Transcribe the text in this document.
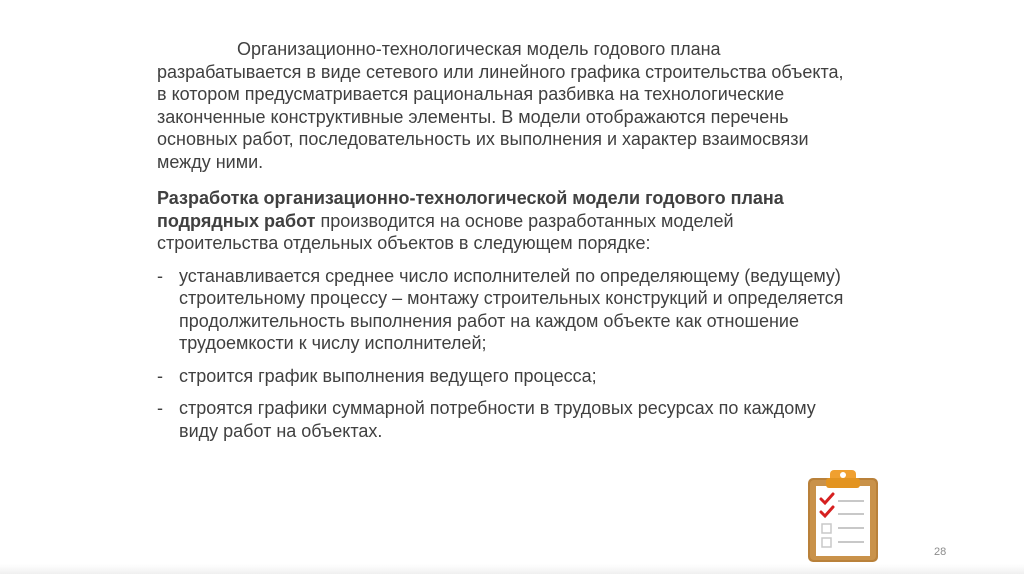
Организационно-технологическая модель годового плана разрабатывается в виде сетевого или линейного графика строительства объекта, в котором предусматривается рациональная разбивка на технологические законченные конструктивные элементы. В модели отображаются перечень основных работ, последовательность их выполнения и характер взаимосвязи между ними.

Разработка организационно-технологической модели годового плана подрядных работ производится на основе разработанных моделей строительства отдельных объектов в следующем порядке:

- устанавливается среднее число исполнителей по определяющему (ведущему) строительному процессу – монтажу строительных конструкций и определяется продолжительность выполнения работ на каждом объекте как отношение трудоемкости к числу исполнителей;
- строится график выполнения ведущего процесса;
- строятся графики суммарной потребности в трудовых ресурсах по каждому виду работ на объектах.
28
